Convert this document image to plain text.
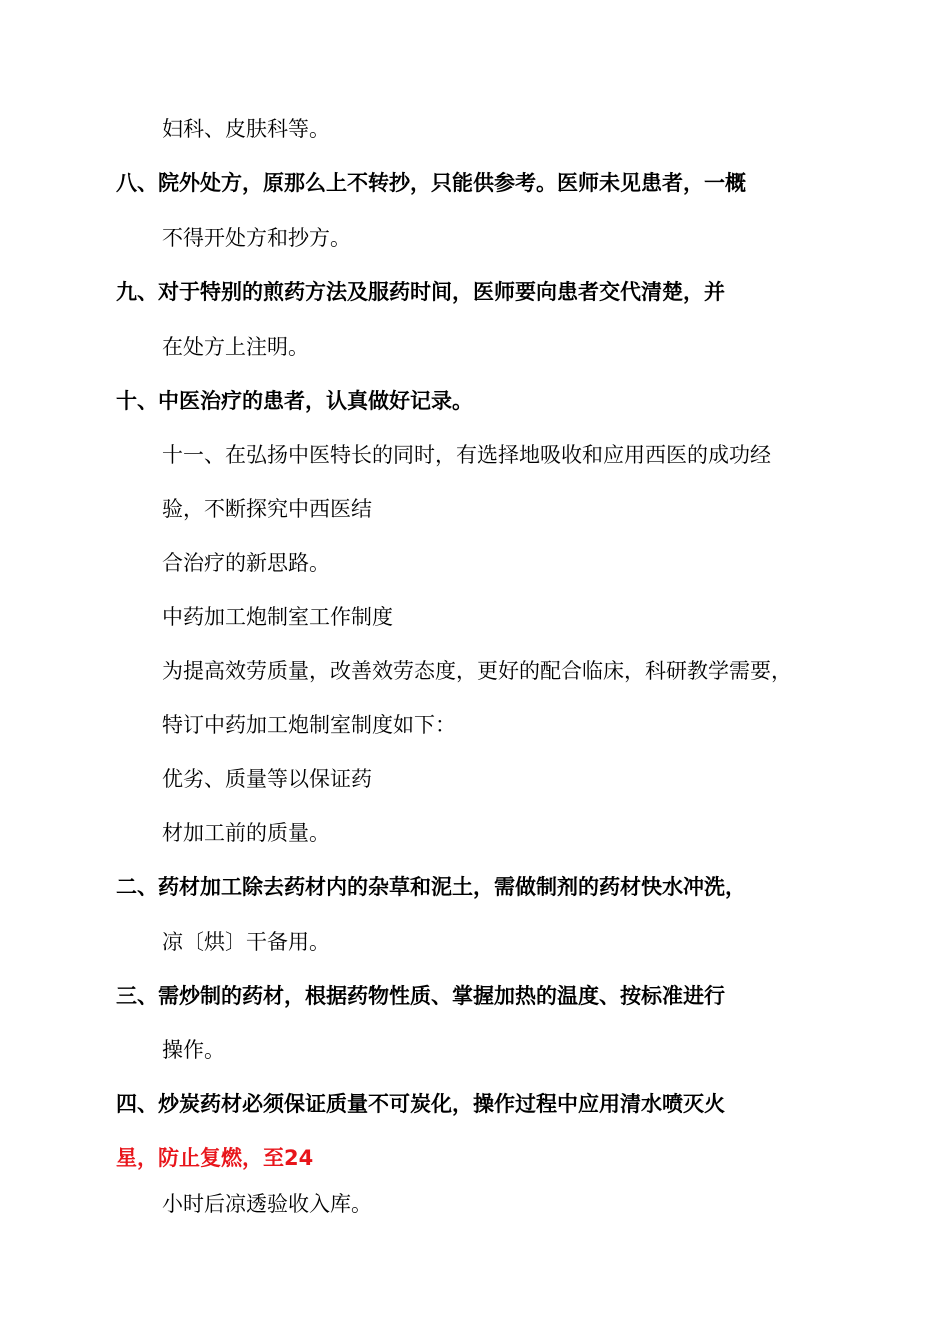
妇科、皮肤科等。
八、院外处方，原那么上不转抄，只能供参考。医师未见患者，一概
不得开处方和抄方。
九、对于特别的煎药方法及服药时间，医师要向患者交代清楚，并
在处方上注明。
十、中医治疗的患者，认真做好记录。
十一、在弘扬中医特长的同时，有选择地吸收和应用西医的成功经
验，不断探究中西医结
合治疗的新思路。
中药加工炮制室工作制度
为提高效劳质量，改善效劳态度，更好的配合临床，科研教学需要，
特订中药加工炮制室制度如下：
优劣、质量等以保证药
材加工前的质量。
二、药材加工除去药材内的杂草和泥土，需做制剂的药材快水冲洗，
凉〔烘〕干备用。
三、需炒制的药材，根据药物性质、掌握加热的温度、按标准进行
操作。
四、炒炭药材必须保证质量不可炭化，操作过程中应用清水喷灭火
星，防止复燃，至24
小时后凉透验收入库。
